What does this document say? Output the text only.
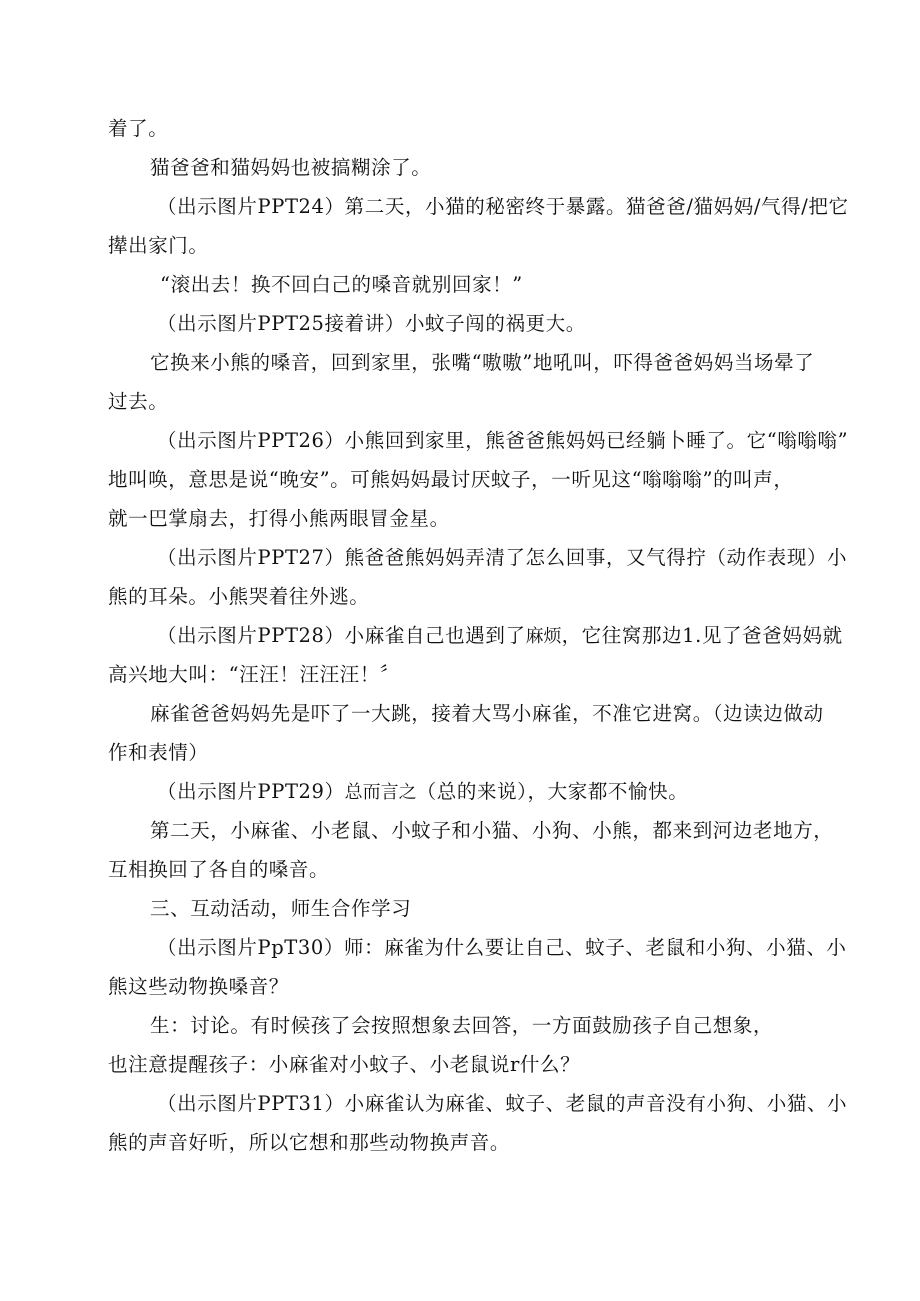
着了。
猫爸爸和猫妈妈也被搞糊涂了。
（出示图片PPT24）第二天，小猫的秘密终于暴露。猫爸爸/猫妈妈/气得/把它
撵出家门。
“滚出去！换不回白己的嗓音就别回家！”
（出示图片PPT25接着讲）小蚊子闯的祸更大。
它换来小熊的嗓音，回到家里，张嘴“嗷嗷”地吼叫，吓得爸爸妈妈当场晕了
过去。
（出示图片PPT26）小熊回到家里，熊爸爸熊妈妈已经躺卜睡了。它“嗡嗡嗡”
地叫唤，意思是说“晚安”。可熊妈妈最讨厌蚊子，一听见这“嗡嗡嗡”的叫声，
就一巴掌扇去，打得小熊两眼冒金星。
（出示图片PPT27）熊爸爸熊妈妈弄清了怎么回事，又气得拧（动作表现）小
熊的耳朵。小熊哭着往外逃。
（出示图片PPT28）小麻雀自己也遇到了麻烦，它往窝那边1.见了爸爸妈妈就
高兴地大叫：“汪汪！汪汪汪！〞
麻雀爸爸妈妈先是吓了一大跳，接着大骂小麻雀，不准它进窝。（边读边做动
作和表情）
（出示图片PPT29）总而言之（总的来说），大家都不愉快。
第二天，小麻雀、小老鼠、小蚊子和小猫、小狗、小熊，都来到河边老地方，
互相换回了各自的嗓音。
三、互动活动，师生合作学习
（出示图片PpT30）师：麻雀为什么要让自己、蚊子、老鼠和小狗、小猫、小
熊这些动物换嗓音？
生：讨论。有时候孩了会按照想象去回答，一方面鼓励孩子自己想象，
也注意提醒孩子：小麻雀对小蚊子、小老鼠说r什么？
（出示图片PPT31）小麻雀认为麻雀、蚊子、老鼠的声音没有小狗、小猫、小
熊的声音好听，所以它想和那些动物换声音。
